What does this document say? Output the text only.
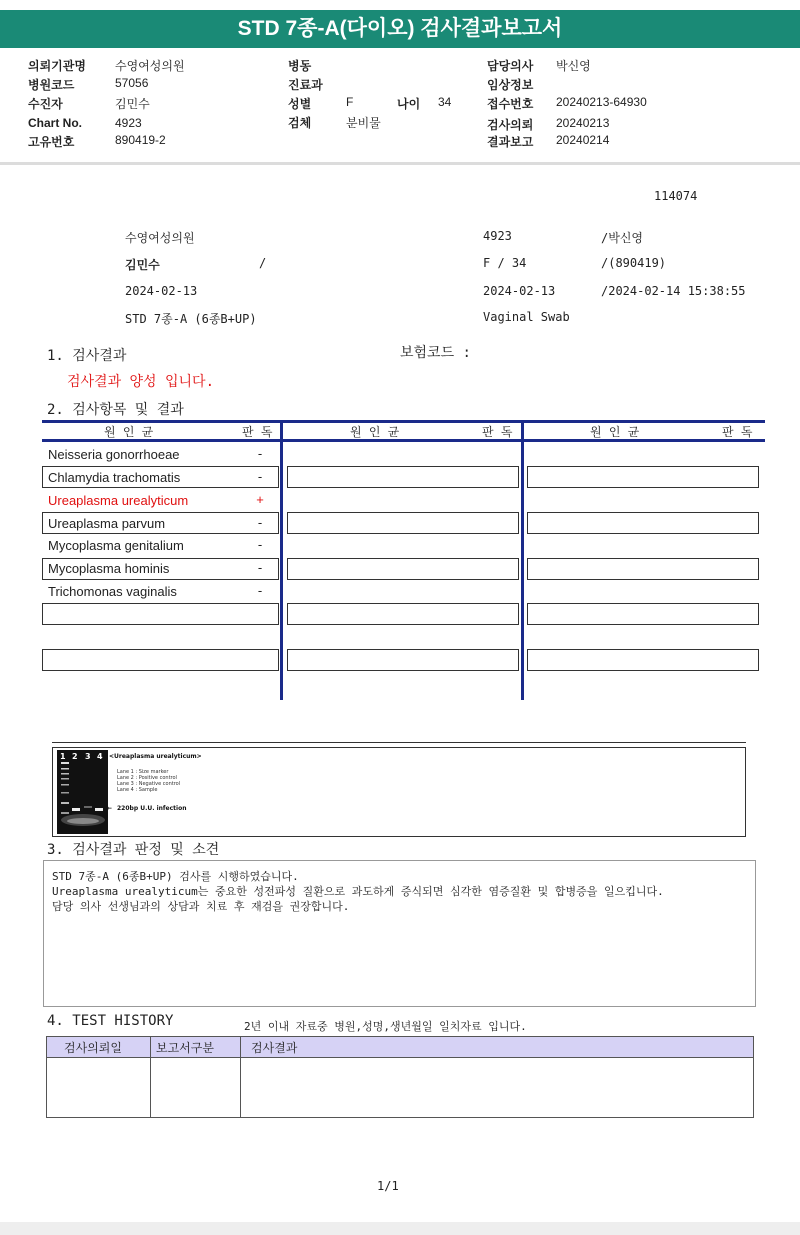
STD 7종-A(다이오) 검사결과보고서
의뢰기관명 수영여성의원
병원코드	57056
수진자	김민수
Chart No.	4923
고유번호	890419-2
병동
진료과
성별	F	나이 34
검체	분비물
담당의사 박신영
임상정보
접수번호 20240213-64930
검사의뢰 20240213
결과보고 20240214
114074
수영여성의원	4923	/박신영
김민수	/	F / 34	/(890419)
2024-02-13	2024-02-13	/2024-02-14 15:38:55
STD 7종-A (6종B+UP)	Vaginal Swab
1. 검사결과	보험코드 :
검사결과 양성 입니다.
2. 검사항목 및 결과
원 인 균	판 독	원 인 균	판 독	원 인 균	판 독
Neisseria gonorrhoeae	-
Chlamydia trachomatis	-
Ureaplasma urealyticum	+
Ureaplasma parvum	-
Mycoplasma genitalium	-
Mycoplasma hominis	-
Trichomonas vaginalis	-
1 2 3 4 <Ureaplasma urealyticum>
Lane 1 : Size marker
Lane 2 : Positive control
Lane 3 : Negative control
Lane 4 : Sample
← 220bp U.U. infection
3. 검사결과 판정 및 소견
STD 7종-A (6종B+UP) 검사를 시행하였습니다.
Ureaplasma urealyticum는 중요한 성전파성 질환으로 과도하게 증식되면 심각한 염증질환 및 합병증을 일으킵니다.
담당 의사 선생님과의 상담과 치료 후 재검을 권장합니다.
4. TEST HISTORY	2년 이내 자료중 병원,성명,생년월일 일치자료 입니다.
검사의뢰일	보고서구분	검사결과
1/1
